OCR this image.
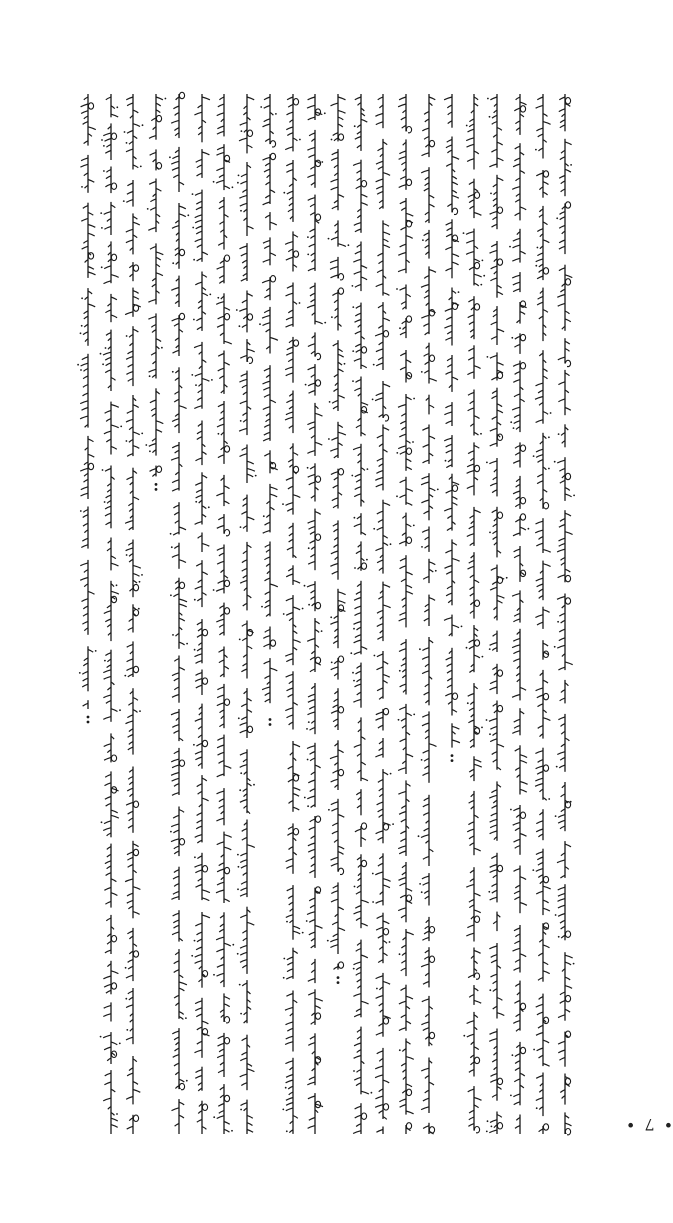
• 7 •
